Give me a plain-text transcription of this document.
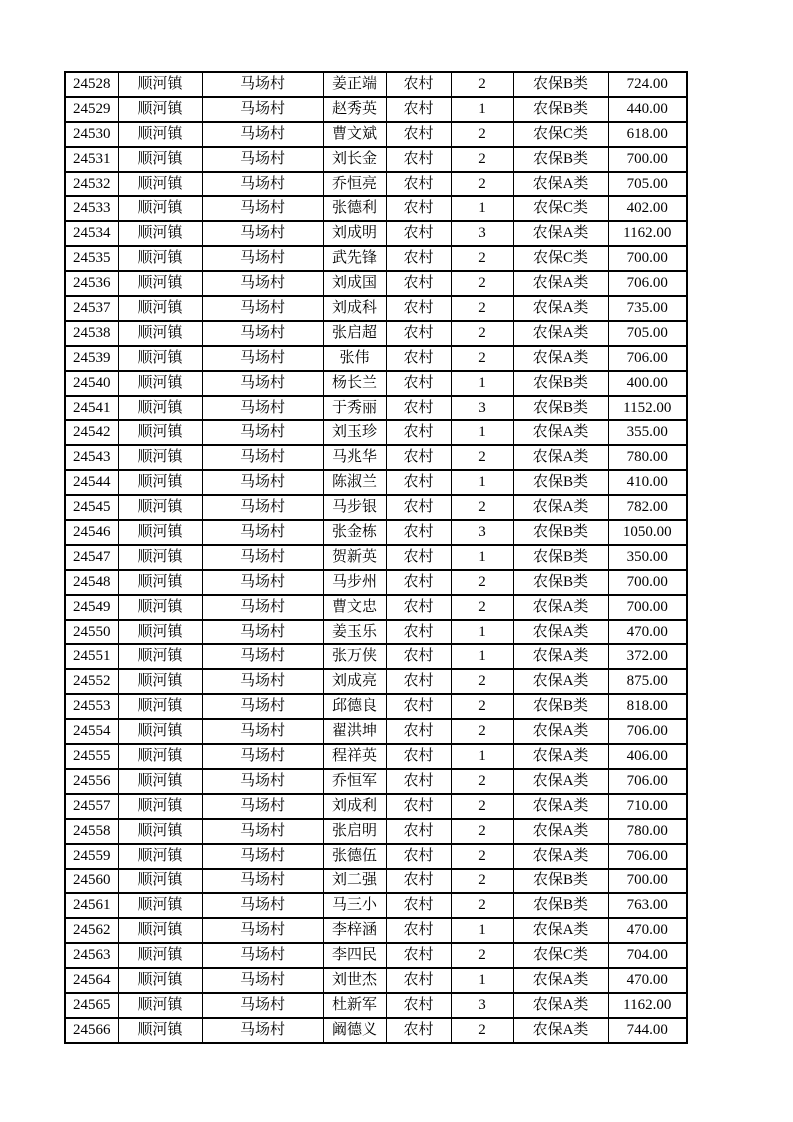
24528	顺河镇	马场村	姜正端	农村	2	农保B类	724.00
24529	顺河镇	马场村	赵秀英	农村	1	农保B类	440.00
24530	顺河镇	马场村	曹文斌	农村	2	农保C类	618.00
24531	顺河镇	马场村	刘长金	农村	2	农保B类	700.00
24532	顺河镇	马场村	乔恒亮	农村	2	农保A类	705.00
24533	顺河镇	马场村	张德利	农村	1	农保C类	402.00
24534	顺河镇	马场村	刘成明	农村	3	农保A类	1162.00
24535	顺河镇	马场村	武先锋	农村	2	农保C类	700.00
24536	顺河镇	马场村	刘成国	农村	2	农保A类	706.00
24537	顺河镇	马场村	刘成科	农村	2	农保A类	735.00
24538	顺河镇	马场村	张启超	农村	2	农保A类	705.00
24539	顺河镇	马场村	张伟	农村	2	农保A类	706.00
24540	顺河镇	马场村	杨长兰	农村	1	农保B类	400.00
24541	顺河镇	马场村	于秀丽	农村	3	农保B类	1152.00
24542	顺河镇	马场村	刘玉珍	农村	1	农保A类	355.00
24543	顺河镇	马场村	马兆华	农村	2	农保A类	780.00
24544	顺河镇	马场村	陈淑兰	农村	1	农保B类	410.00
24545	顺河镇	马场村	马步银	农村	2	农保A类	782.00
24546	顺河镇	马场村	张金栋	农村	3	农保B类	1050.00
24547	顺河镇	马场村	贺新英	农村	1	农保B类	350.00
24548	顺河镇	马场村	马步州	农村	2	农保B类	700.00
24549	顺河镇	马场村	曹文忠	农村	2	农保A类	700.00
24550	顺河镇	马场村	姜玉乐	农村	1	农保A类	470.00
24551	顺河镇	马场村	张万侠	农村	1	农保A类	372.00
24552	顺河镇	马场村	刘成亮	农村	2	农保A类	875.00
24553	顺河镇	马场村	邱德良	农村	2	农保B类	818.00
24554	顺河镇	马场村	翟洪坤	农村	2	农保A类	706.00
24555	顺河镇	马场村	程祥英	农村	1	农保A类	406.00
24556	顺河镇	马场村	乔恒军	农村	2	农保A类	706.00
24557	顺河镇	马场村	刘成利	农村	2	农保A类	710.00
24558	顺河镇	马场村	张启明	农村	2	农保A类	780.00
24559	顺河镇	马场村	张德伍	农村	2	农保A类	706.00
24560	顺河镇	马场村	刘二强	农村	2	农保B类	700.00
24561	顺河镇	马场村	马三小	农村	2	农保B类	763.00
24562	顺河镇	马场村	李梓涵	农村	1	农保A类	470.00
24563	顺河镇	马场村	李四民	农村	2	农保C类	704.00
24564	顺河镇	马场村	刘世杰	农村	1	农保A类	470.00
24565	顺河镇	马场村	杜新军	农村	3	农保A类	1162.00
24566	顺河镇	马场村	阚德义	农村	2	农保A类	744.00
